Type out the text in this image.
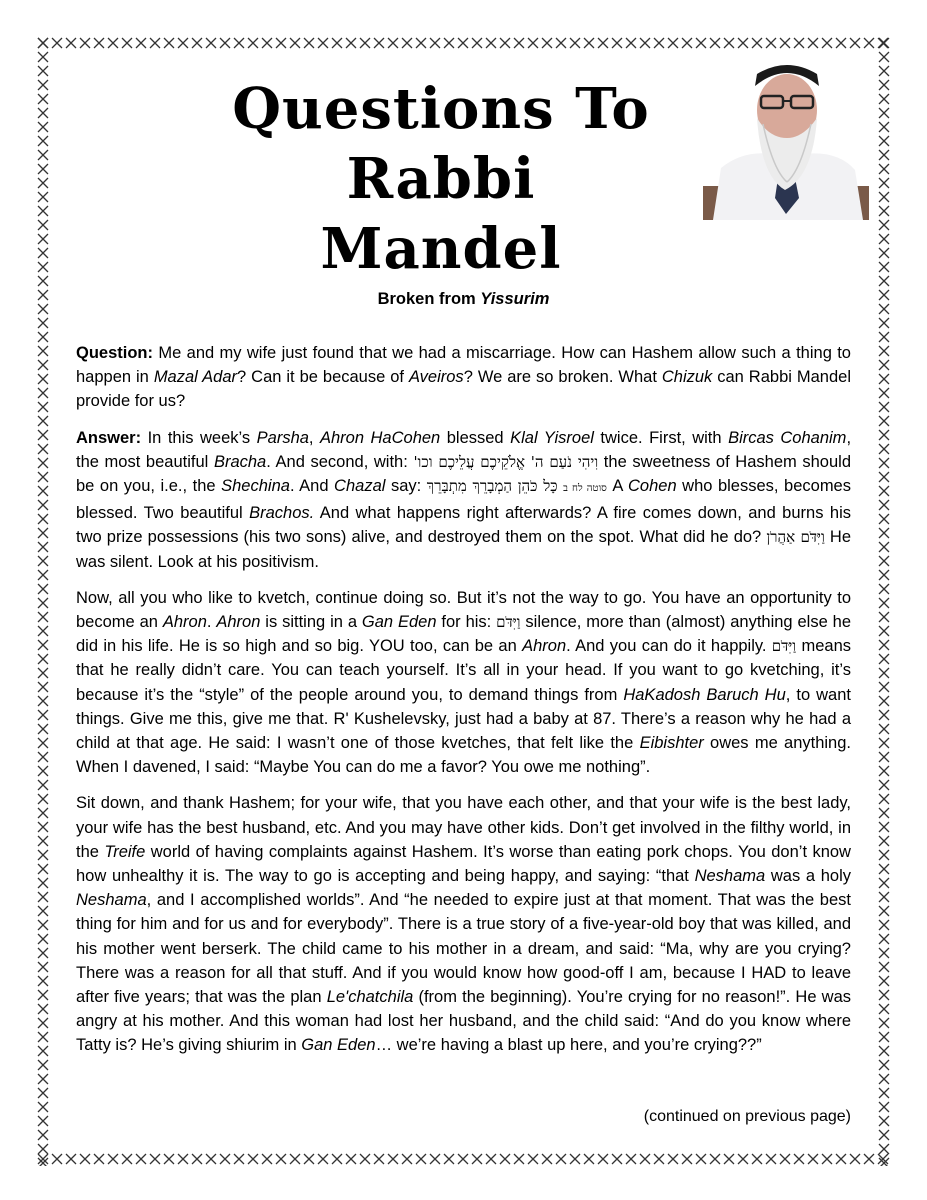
Questions To
Rabbi
Mandel
Broken from Yissurim

Question: Me and my wife just found that we had a miscarriage. How can Hashem allow such a thing to happen in Mazal Adar? Can it be because of Aveiros? We are so broken. What Chizuk can Rabbi Mandel provide for us?

Answer: In this week’s Parsha, Ahron HaCohen blessed Klal Yisroel twice. First, with Bircas Cohanim, the most beautiful Bracha. And second, with: וִיהִי נֹעַם ה' אֱלֹקֵיכֶם עֲלֵיכֶם וכו' the sweetness of Hashem should be on you, i.e., the Shechina. And Chazal say: כָּל כֹּהֵן הַמְבָרֵךְ מִתְבָּרֵךְ סוטה לח ב A Cohen who blesses, becomes blessed. Two beautiful Brachos. And what happens right afterwards? A fire comes down, and burns his two prize possessions (his two sons) alive, and destroyed them on the spot. What did he do? וַיִּדֹּם אַהֲרֹן He was silent. Look at his positivism.

Now, all you who like to kvetch, continue doing so. But it’s not the way to go. You have an opportunity to become an Ahron. Ahron is sitting in a Gan Eden for his: וַיִּדֹּם silence, more than (almost) anything else he did in his life. He is so high and so big. YOU too, can be an Ahron. And you can do it happily. וַיִּדֹּם means that he really didn’t care. You can teach yourself. It’s all in your head. If you want to go kvetching, it’s because it’s the “style” of the people around you, to demand things from HaKadosh Baruch Hu, to want things. Give me this, give me that. R' Kushelevsky, just had a baby at 87. There’s a reason why he had a child at that age. He said: I wasn’t one of those kvetches, that felt like the Eibishter owes me anything. When I davened, I said: “Maybe You can do me a favor? You owe me nothing”.

Sit down, and thank Hashem; for your wife, that you have each other, and that your wife is the best lady, your wife has the best husband, etc. And you may have other kids. Don’t get involved in the filthy world, in the Treife world of having complaints against Hashem. It’s worse than eating pork chops. You don’t know how unhealthy it is. The way to go is accepting and being happy, and saying: “that Neshama was a holy Neshama, and I accomplished worlds”. And “he needed to expire just at that moment. That was the best thing for him and for us and for everybody”. There is a true story of a five-year-old boy that was killed, and his mother went berserk. The child came to his mother in a dream, and said: “Ma, why are you crying? There was a reason for all that stuff. And if you would know how good-off I am, because I HAD to leave after five years; that was the plan Le'chatchila (from the beginning). You’re crying for no reason!”. He was angry at his mother. And this woman had lost her husband, and the child said: “And do you know where Tatty is? He’s giving shiurim in Gan Eden… we’re having a blast up here, and you’re crying??”

(continued on previous page)
